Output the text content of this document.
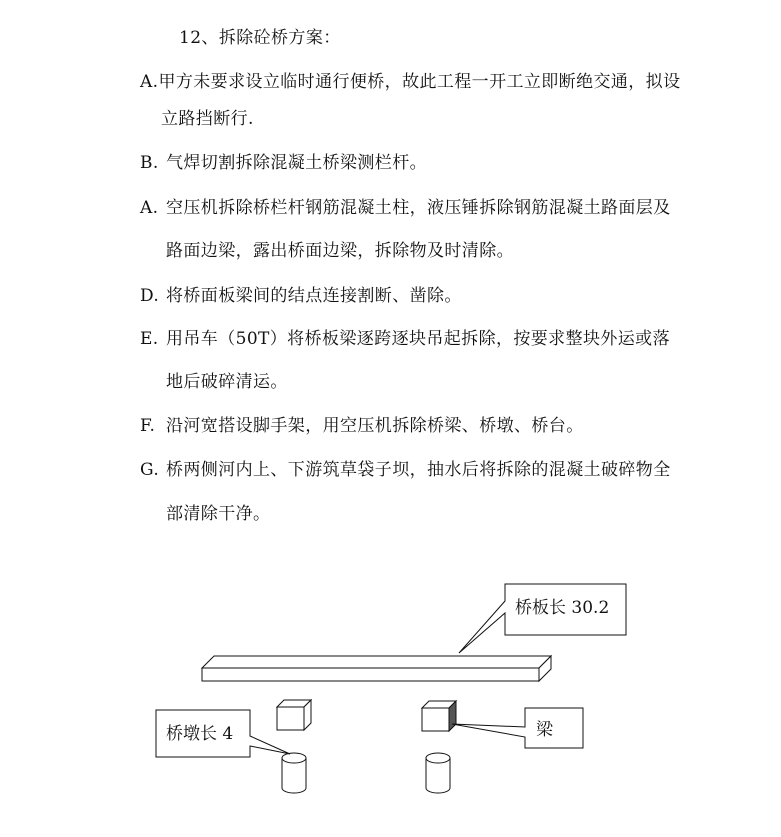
12、拆除砼桥方案：
A.甲方未要求设立临时通行便桥，故此工程一开工立即断绝交通，拟设
立路挡断行.
B. 气焊切割拆除混凝土桥梁测栏杆。
A. 空压机拆除桥栏杆钢筋混凝土柱，液压锤拆除钢筋混凝土路面层及
路面边梁，露出桥面边梁，拆除物及时清除。
D. 将桥面板梁间的结点连接割断、凿除。
E. 用吊车（50T）将桥板梁逐跨逐块吊起拆除，按要求整块外运或落
地后破碎清运。
F. 沿河宽搭设脚手架，用空压机拆除桥梁、桥墩、桥台。
G. 桥两侧河内上、下游筑草袋子坝，抽水后将拆除的混凝土破碎物全
部清除干净。
桥板长 30.2
桥墩长 4	梁
